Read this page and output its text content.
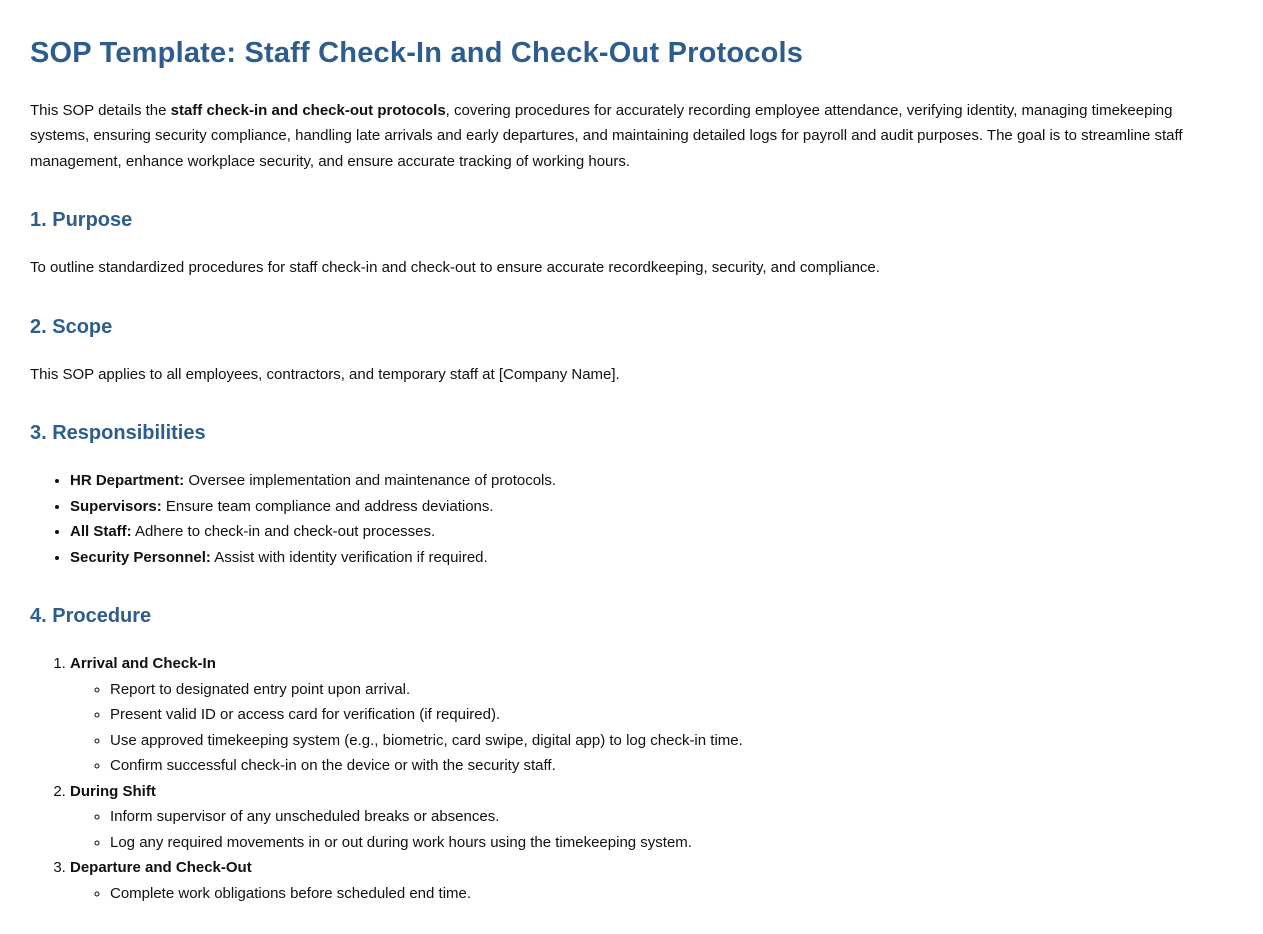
SOP Template: Staff Check-In and Check-Out Protocols

This SOP details the staff check-in and check-out protocols, covering procedures for accurately recording employee attendance, verifying identity, managing timekeeping systems, ensuring security compliance, handling late arrivals and early departures, and maintaining detailed logs for payroll and audit purposes. The goal is to streamline staff management, enhance workplace security, and ensure accurate tracking of working hours.

1. Purpose

To outline standardized procedures for staff check-in and check-out to ensure accurate recordkeeping, security, and compliance.

2. Scope

This SOP applies to all employees, contractors, and temporary staff at [Company Name].

3. Responsibilities
• HR Department: Oversee implementation and maintenance of protocols.
• Supervisors: Ensure team compliance and address deviations.
• All Staff: Adhere to check-in and check-out processes.
• Security Personnel: Assist with identity verification if required.
4. Procedure
1. Arrival and Check-In
◦ Report to designated entry point upon arrival.
◦ Present valid ID or access card for verification (if required).
◦ Use approved timekeeping system (e.g., biometric, card swipe, digital app) to log check-in time.
◦ Confirm successful check-in on the device or with the security staff.
2. During Shift
◦ Inform supervisor of any unscheduled breaks or absences.
◦ Log any required movements in or out during work hours using the timekeeping system.
3. Departure and Check-Out
◦ Complete work obligations before scheduled end time.
